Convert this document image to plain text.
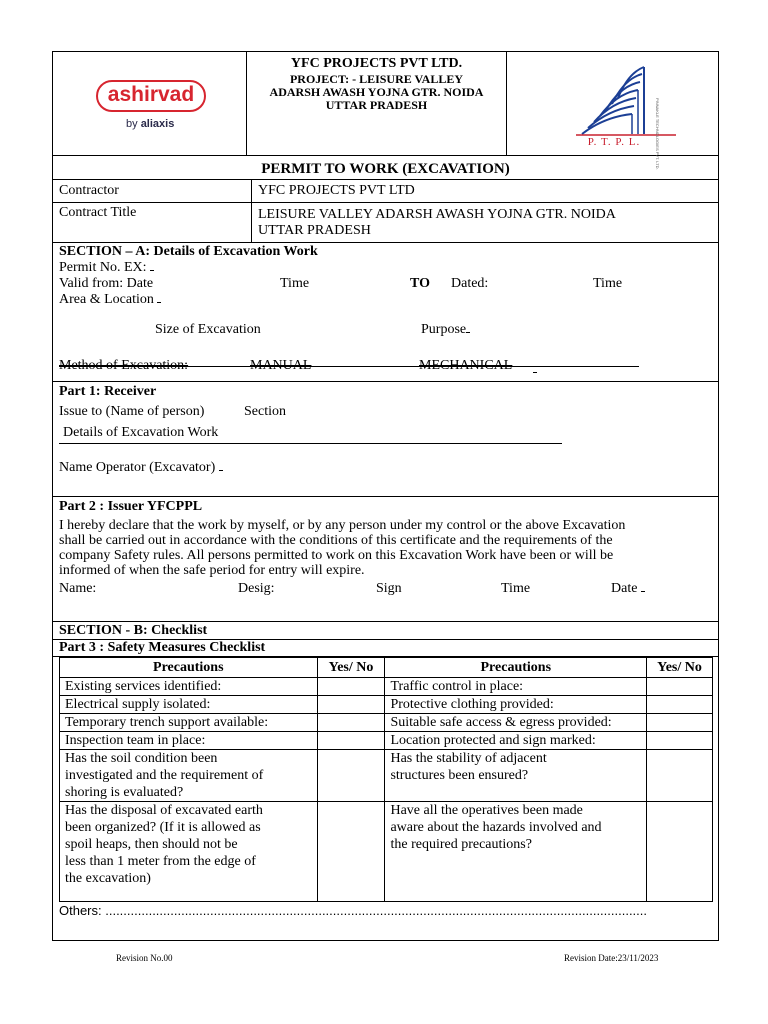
ashirvad
by aliaxis
YFC PROJECTS PVT LTD.
PROJECT: - LEISURE VALLEY
ADARSH AWASH YOJNA GTR. NOIDA
UTTAR PRADESH	PINNAKLE TECHNOLOGIES PVT. LTD.
P. T. P. L.
PERMIT TO WORK (EXCAVATION)
Contractor	YFC PROJECTS PVT LTD
Contract Title	LEISURE VALLEY ADARSH AWASH YOJNA GTR. NOIDA
UTTAR PRADESH
SECTION – A: Details of Excavation Work
Permit No. EX:
Valid from: Date	Time	TO Dated:	Time
Area & Location
Size of Excavation	Purpose
Method of Excavation:	MANUAL	MECHANICAL
Part 1: Receiver
Issue to (Name of person)	Section
Details of Excavation Work
Name Operator (Excavator)
Part 2 : Issuer YFCPPL
I hereby declare that the work by myself, or by any person under my control or the above Excavation
shall be carried out in accordance with the conditions of this certificate and the requirements of the
company Safety rules. All persons permitted to work on this Excavation Work have been or will be
informed of when the safe period for entry will expire.
Name:	Desig:	Sign	Time	Date
SECTION - B: Checklist
Part 3 : Safety Measures Checklist
Precautions	Yes/ No	Precautions	Yes/ No
Existing services identified:		Traffic control in place:	
Electrical supply isolated:		Protective clothing provided:	
Temporary trench support available:		Suitable safe access & egress provided:	
Inspection team in place:		Location protected and sign marked:	
Has the soil condition been
investigated and the requirement of
shoring is evaluated?		Has the stability of adjacent
structures been ensured?	
Has the disposal of excavated earth
been organized? (If it is allowed as
spoil heaps, then should not be
less than 1 meter from the edge of
the excavation)		Have all the operatives been made
aware about the hazards involved and
the required precautions?	
Others: ......................................................................................................................................................
Revision No.00	Revision Date:23/11/2023
